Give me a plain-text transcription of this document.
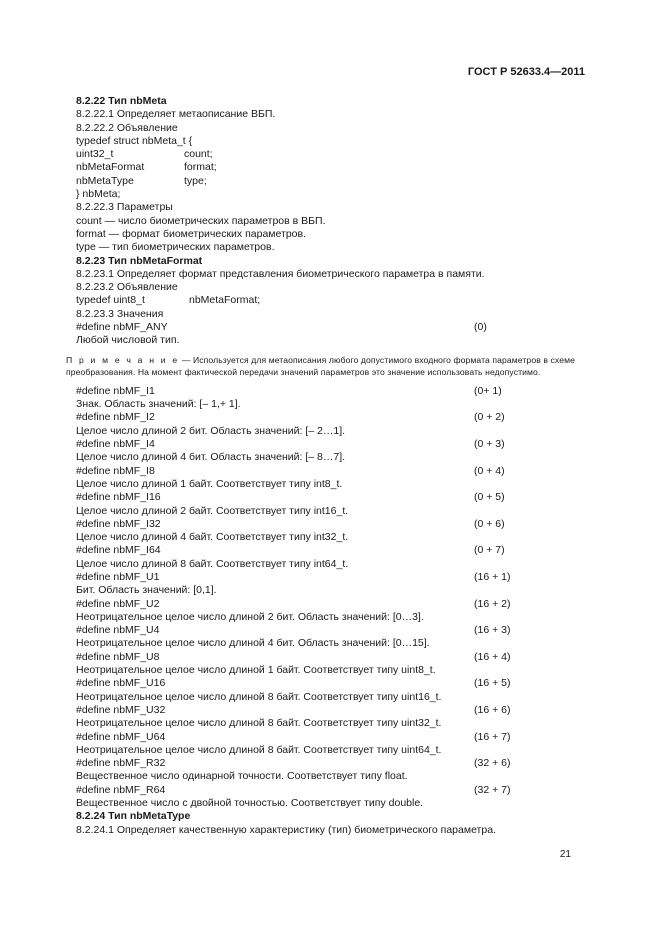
ГОСТ Р 52633.4—2011
8.2.22 Тип nbMeta
8.2.22.1 Определяет метаописание ВБП.
8.2.22.2 Объявление
typedef struct nbMeta_t {
uint32_t	count;
nbMetaFormat	format;
nbMetaType	type;
} nbMeta;
8.2.22.3 Параметры
count — число биометрических параметров в ВБП.
format — формат биометрических параметров.
type — тип биометрических параметров.
8.2.23 Тип nbMetaFormat
8.2.23.1 Определяет формат представления биометрического параметра в памяти.
8.2.23.2 Объявление
typedef uint8_t	nbMetaFormat;
8.2.23.3 Значения
#define nbMF_ANY	(0)
Любой числовой тип.
П р и м е ч а н и е — Используется для метаописания любого допустимого входного формата параметров в схеме преобразования. На момент фактической передачи значений параметров это значение использовать недопустимо.
#define nbMF_I1	(0+ 1)
Знак. Область значений: [– 1,+ 1].
#define nbMF_I2	(0 + 2)
Целое число длиной 2 бит. Область значений: [– 2…1].
#define nbMF_I4	(0 + 3)
Целое число длиной 4 бит. Область значений: [– 8…7].
#define nbMF_I8	(0 + 4)
Целое число длиной 1 байт. Соответствует типу int8_t.
#define nbMF_I16	(0 + 5)
Целое число длиной 2 байт. Соответствует типу int16_t.
#define nbMF_I32	(0 + 6)
Целое число длиной 4 байт. Соответствует типу int32_t.
#define nbMF_I64	(0 + 7)
Целое число длиной 8 байт. Соответствует типу int64_t.
#define nbMF_U1	(16 + 1)
Бит. Область значений: [0,1].
#define nbMF_U2	(16 + 2)
Неотрицательное целое число длиной 2 бит. Область значений: [0…3].
#define nbMF_U4	(16 + 3)
Неотрицательное целое число длиной 4 бит. Область значений: [0…15].
#define nbMF_U8	(16 + 4)
Неотрицательное целое число длиной 1 байт. Соответствует типу uint8_t.
#define nbMF_U16	(16 + 5)
Неотрицательное целое число длиной 8 байт. Соответствует типу uint16_t.
#define nbMF_U32	(16 + 6)
Неотрицательное целое число длиной 8 байт. Соответствует типу uint32_t.
#define nbMF_U64	(16 + 7)
Неотрицательное целое число длиной 8 байт. Соответствует типу uint64_t.
#define nbMF_R32	(32 + 6)
Вещественное число одинарной точности. Соответствует типу float.
#define nbMF_R64	(32 + 7)
Вещественное число с двойной точностью. Соответствует типу double.
8.2.24 Тип nbMetaType
8.2.24.1 Определяет качественную характеристику (тип) биометрического параметра.
21
